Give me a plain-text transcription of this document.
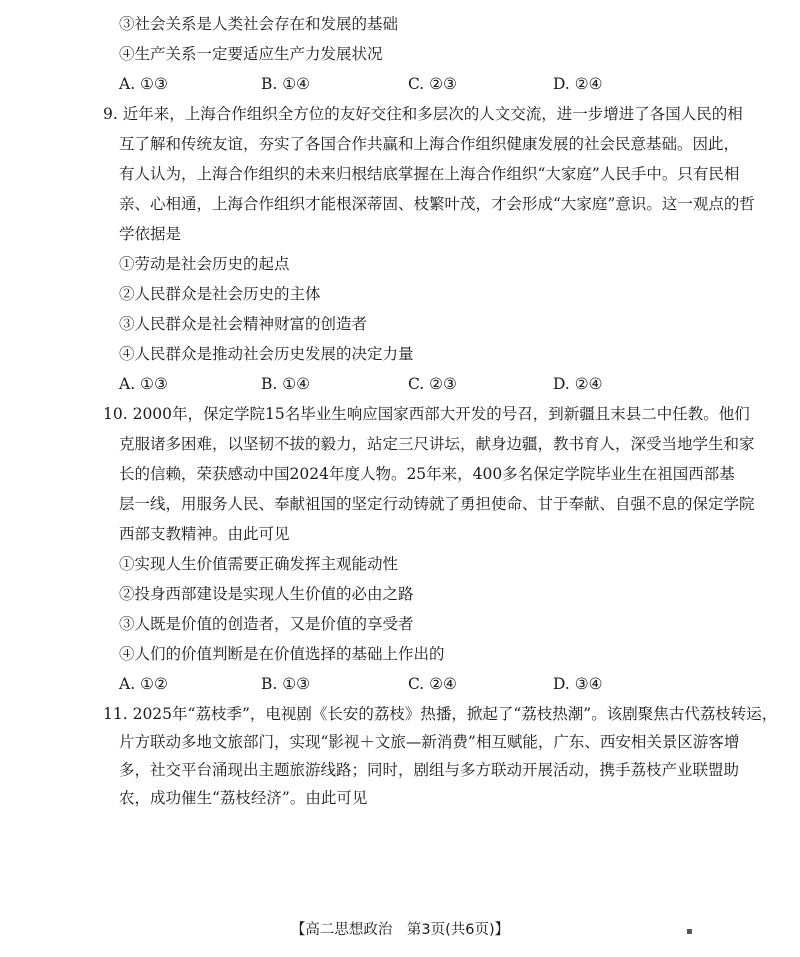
③社会关系是人类社会存在和发展的基础
④生产关系一定要适应生产力发展状况
A. ①③	B. ①④	C. ②③	D. ②④
9. 近年来，上海合作组织全方位的友好交往和多层次的人文交流，进一步增进了各国人民的相
互了解和传统友谊，夯实了各国合作共赢和上海合作组织健康发展的社会民意基础。因此，
有人认为，上海合作组织的未来归根结底掌握在上海合作组织“大家庭”人民手中。只有民相
亲、心相通，上海合作组织才能根深蒂固、枝繁叶茂，才会形成“大家庭”意识。这一观点的哲
学依据是
①劳动是社会历史的起点
②人民群众是社会历史的主体
③人民群众是社会精神财富的创造者
④人民群众是推动社会历史发展的决定力量
A. ①③	B. ①④	C. ②③	D. ②④
10. 2000年，保定学院15名毕业生响应国家西部大开发的号召，到新疆且末县二中任教。他们
克服诸多困难，以坚韧不拔的毅力，站定三尺讲坛，献身边疆，教书育人，深受当地学生和家
长的信赖，荣获感动中国2024年度人物。25年来，400多名保定学院毕业生在祖国西部基
层一线，用服务人民、奉献祖国的坚定行动铸就了勇担使命、甘于奉献、自强不息的保定学院
西部支教精神。由此可见
①实现人生价值需要正确发挥主观能动性
②投身西部建设是实现人生价值的必由之路
③人既是价值的创造者，又是价值的享受者
④人们的价值判断是在价值选择的基础上作出的
A. ①②	B. ①③	C. ②④	D. ③④
11. 2025年“荔枝季”，电视剧《长安的荔枝》热播，掀起了“荔枝热潮”。该剧聚焦古代荔枝转运，
片方联动多地文旅部门，实现“影视＋文旅—新消费”相互赋能，广东、西安相关景区游客增
多，社交平台涌现出主题旅游线路；同时，剧组与多方联动开展活动，携手荔枝产业联盟助
农，成功催生“荔枝经济”。由此可见
【高二思想政治　第3页(共6页)】	▪
